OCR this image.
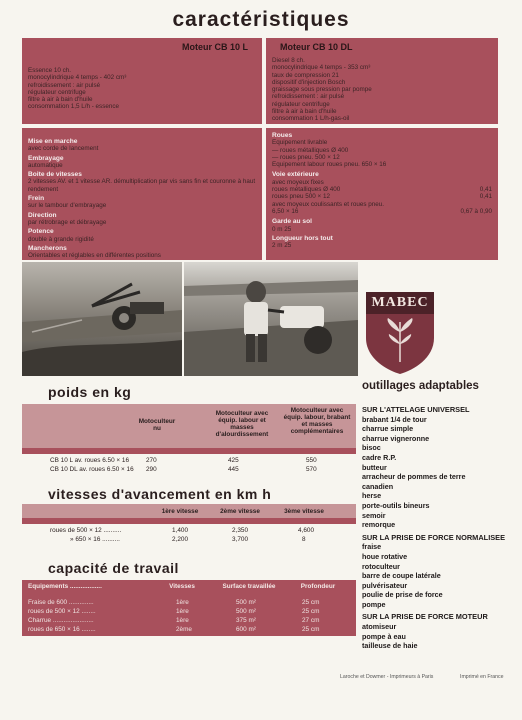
caractéristiques
Moteur CB 10 L
Essence 10 ch.
monocylindrique 4 temps - 402 cm³
refroidissement : air pulsé
régulateur centrifuge
filtre à air à bain d'huile
consommation 1,5 L/h - essence
Moteur CB 10 DL
Diesel 8 ch.
monocylindrique 4 temps - 353 cm³
taux de compression 21
dispositif d'injection Bosch
graissage sous pression par pompe
refroidissement : air pulsé
régulateur centrifuge
filtre à air à bain d'huile
consommation 1 L/h-gas-oil
Mise en marche
avec corde de lancement
Embrayage
automatique
Boite de vitesses
2 vitesses AV. et 1 vitesse AR. démultiplication par vis sans fin et couronne à haut rendement
Frein
sur le tambour d'embrayage
Direction
par rétrobrage et débrayage
Potence
double à grande rigidité
Mancherons
Orientables et réglables en différentes positions
Roues
Equipement livrable
— roues métalliques Ø 400
— roues pneu. 500 × 12
Equipement labour roues pneu. 650 × 16
Voie extérieure
avec moyeux fixes
roues métalliques Ø 400	0,41
roues pneu 500 × 12	0,41
avec moyeux coulissants et roues pneu.
6,50 × 16	0,67 à 0,90
Garde au sol
0 m 25
Longueur hors tout
2 m 25
MABEC
outillages adaptables
SUR L'ATTELAGE UNIVERSEL
brabant 1/4 de tour
charrue simple
charrue vigneronne
bisoc
cadre R.P.
butteur
arracheur de pommes de terre
canadien
herse
porte-outils bineurs
semoir
remorque
SUR LA PRISE DE FORCE NORMALISEE
fraise
houe rotative
rotoculteur
barre de coupe latérale
pulvérisateur
poulie de prise de force
pompe
SUR LA PRISE DE FORCE MOTEUR
atomiseur
pompe à eau
tailleuse de haie
poids en kg
Motoculteur nu
Motoculteur avec équip. labour et masses d'alourdissement
Motoculteur avec équip. labour, brabant et masses complémentaires
CB 10 L av. roues 6.50 × 16	270	425	550
CB 10 DL av. roues 6.50 × 16 290	445	570
vitesses d'avancement en km h
1ère vitesse	2ème vitesse	3ème vitesse
roues de 500 × 12 ..........	1,400	2,350	4,600
» 650 × 16 ..........	2,200	3,700	8
capacité de travail
Equipements ..................	Vitesses	Surface travaillée	Profondeur
Fraise de 600 ..............	1ère	500 m²	25 cm
roues de 500 × 12 ........	1ère	500 m²	25 cm
Charrue .......................	1ère	375 m²	27 cm
roues de 650 × 16 ........	2ème	600 m²	25 cm
Laroche et Dowmer - Imprimeurs à Paris	Imprimé en France
